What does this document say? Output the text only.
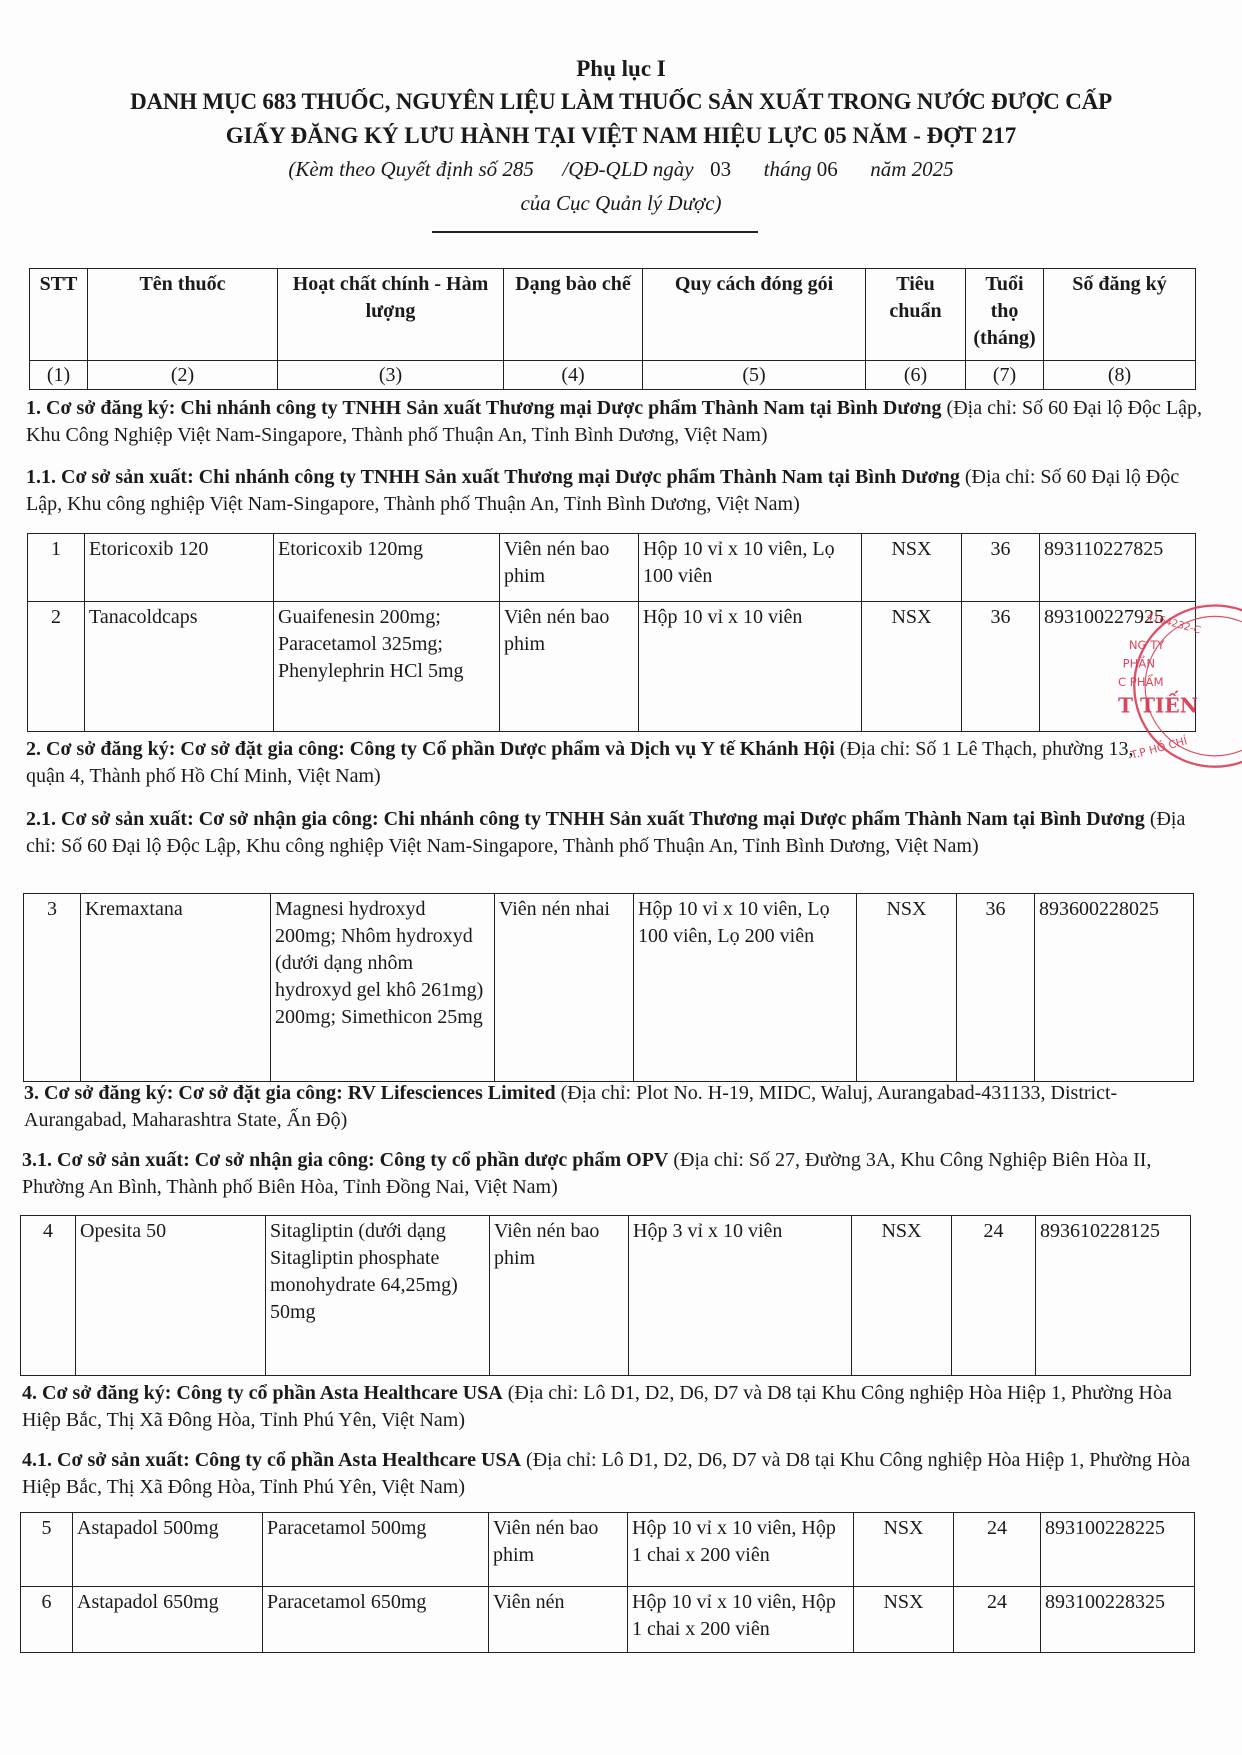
Phụ lục I
DANH MỤC 683 THUỐC, NGUYÊN LIỆU LÀM THUỐC SẢN XUẤT TRONG NƯỚC ĐƯỢC CẤP
GIẤY ĐĂNG KÝ LƯU HÀNH TẠI VIỆT NAM HIỆU LỰC 05 NĂM - ĐỢT 217
(Kèm theo Quyết định số 285 /QĐ-QLD ngày 03 tháng 06 năm 2025
của Cục Quản lý Dược)
STT	Tên thuốc	Hoạt chất chính - Hàm lượng	Dạng bào chế	Quy cách đóng gói	Tiêu chuẩn	Tuổi thọ (tháng)	Số đăng ký
(1)	(2)	(3)	(4)	(5)	(6)	(7)	(8)
1. Cơ sở đăng ký: Chi nhánh công ty TNHH Sản xuất Thương mại Dược phẩm Thành Nam tại Bình Dương (Địa chỉ: Số 60 Đại lộ Độc Lập, Khu Công Nghiệp Việt Nam-Singapore, Thành phố Thuận An, Tỉnh Bình Dương, Việt Nam)
1.1. Cơ sở sản xuất: Chi nhánh công ty TNHH Sản xuất Thương mại Dược phẩm Thành Nam tại Bình Dương (Địa chỉ: Số 60 Đại lộ Độc Lập, Khu công nghiệp Việt Nam-Singapore, Thành phố Thuận An, Tỉnh Bình Dương, Việt Nam)
1	Etoricoxib 120	Etoricoxib 120mg	Viên nén bao phim	Hộp 10 vỉ x 10 viên, Lọ 100 viên	NSX	36	893110227825
2	Tanacoldcaps	Guaifenesin 200mg; Paracetamol 325mg; Phenylephrin HCl 5mg	Viên nén bao phim	Hộp 10 vỉ x 10 viên	NSX	36	893100227925
2. Cơ sở đăng ký: Cơ sở đặt gia công: Công ty Cổ phần Dược phẩm và Dịch vụ Y tế Khánh Hội (Địa chỉ: Số 1 Lê Thạch, phường 13, quận 4, Thành phố Hồ Chí Minh, Việt Nam)
2.1. Cơ sở sản xuất: Cơ sở nhận gia công: Chi nhánh công ty TNHH Sản xuất Thương mại Dược phẩm Thành Nam tại Bình Dương (Địa chỉ: Số 60 Đại lộ Độc Lập, Khu công nghiệp Việt Nam-Singapore, Thành phố Thuận An, Tỉnh Bình Dương, Việt Nam)
3	Kremaxtana	Magnesi hydroxyd 200mg; Nhôm hydroxyd (dưới dạng nhôm hydroxyd gel khô 261mg) 200mg; Simethicon 25mg	Viên nén nhai	Hộp 10 vỉ x 10 viên, Lọ 100 viên, Lọ 200 viên	NSX	36	893600228025
3. Cơ sở đăng ký: Cơ sở đặt gia công: RV Lifesciences Limited (Địa chỉ: Plot No. H-19, MIDC, Waluj, Aurangabad-431133, District-Aurangabad, Maharashtra State, Ấn Độ)
3.1. Cơ sở sản xuất: Cơ sở nhận gia công: Công ty cổ phần dược phẩm OPV (Địa chỉ: Số 27, Đường 3A, Khu Công Nghiệp Biên Hòa II, Phường An Bình, Thành phố Biên Hòa, Tỉnh Đồng Nai, Việt Nam)
4	Opesita 50	Sitagliptin (dưới dạng Sitagliptin phosphate monohydrate 64,25mg) 50mg	Viên nén bao phim	Hộp 3 vỉ x 10 viên	NSX	24	893610228125
4. Cơ sở đăng ký: Công ty cổ phần Asta Healthcare USA (Địa chỉ: Lô D1, D2, D6, D7 và D8 tại Khu Công nghiệp Hòa Hiệp 1, Phường Hòa Hiệp Bắc, Thị Xã Đông Hòa, Tỉnh Phú Yên, Việt Nam)
4.1. Cơ sở sản xuất: Công ty cổ phần Asta Healthcare USA (Địa chỉ: Lô D1, D2, D6, D7 và D8 tại Khu Công nghiệp Hòa Hiệp 1, Phường Hòa Hiệp Bắc, Thị Xã Đông Hòa, Tỉnh Phú Yên, Việt Nam)
5	Astapadol 500mg	Paracetamol 500mg	Viên nén bao phim	Hộp 10 vỉ x 10 viên, Hộp 1 chai x 200 viên	NSX	24	893100228225
6	Astapadol 650mg	Paracetamol 650mg	Viên nén	Hộp 10 vỉ x 10 viên, Hộp 1 chai x 200 viên	NSX	24	893100228325
4164232-C
NG TY
PHẦN
C PHẨM
T TIẾN
T.P HỒ CHÍ
